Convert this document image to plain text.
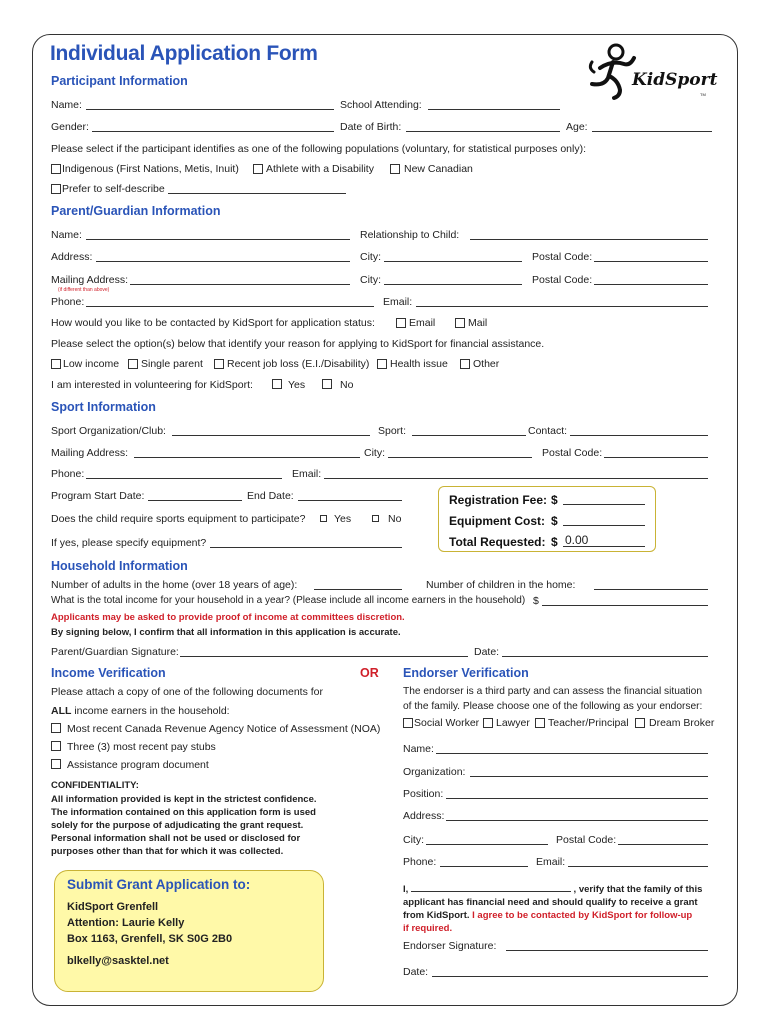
Individual Application Form
KidSport
TM
Participant Information
Name:	School Attending:
Gender:	Date of Birth:	Age:
Please select if the participant identifies as one of the following populations (voluntary, for statistical purposes only):
Indigenous (First Nations, Metis, Inuit)	Athlete with a Disability	New Canadian
Prefer to self-describe
Parent/Guardian Information
Name:	Relationship to Child:
Address:	City:	Postal Code:
Mailing Address:
(if different than above)
City:	Postal Code:
Phone:	Email:
How would you like to be contacted by KidSport for application status:	Email	Mail
Please select the option(s) below that identify your reason for applying to KidSport for financial assistance.
Low income Single parent Recent job loss (E.I./Disability) Health issue Other
I am interested in volunteering for KidSport:	Yes	No
Sport Information
Sport Organization/Club:	Sport:	Contact:
Mailing Address:	City:	Postal Code:
Phone:	Email:
Program Start Date:	End Date:
Does the child require sports equipment to participate?	Yes	No
If yes, please specify equipment?
Registration Fee: $
Equipment Cost: $
Total Requested: $ 0.00
Household Information
Number of adults in the home (over 18 years of age):	Number of children in the home:
What is the total income for your household in a year? (Please include all income earners in the household) $
Applicants may be asked to provide proof of income at committees discretion.
By signing below, I confirm that all information in this application is accurate.
Parent/Guardian Signature:	Date:
Income Verification	OR
Please attach a copy of one of the following documents for
ALL income earners in the household:
Most recent Canada Revenue Agency Notice of Assessment (NOA)
Three (3) most recent pay stubs
Assistance program document
CONFIDENTIALITY:
All information provided is kept in the strictest confidence.
The information contained on this application form is used
solely for the purpose of adjudicating the grant request.
Personal information shall not be used or disclosed for
purposes other than that for which it was collected.
Submit Grant Application to:
KidSport Grenfell
Attention: Laurie Kelly
Box 1163, Grenfell, SK S0G 2B0
blkelly@sasktel.net
Endorser Verification
The endorser is a third party and can assess the financial situation
of the family. Please choose one of the following as your endorser:
Social Worker Lawyer Teacher/Principal Dream Broker
Name:
Organization:
Position:
Address:
City:	Postal Code:
Phone:	Email:
I,	, verify that the family of this
applicant has financial need and should qualify to receive a grant
from KidSport. I agree to be contacted by KidSport for follow-up
if required.
Endorser Signature:
Date:
